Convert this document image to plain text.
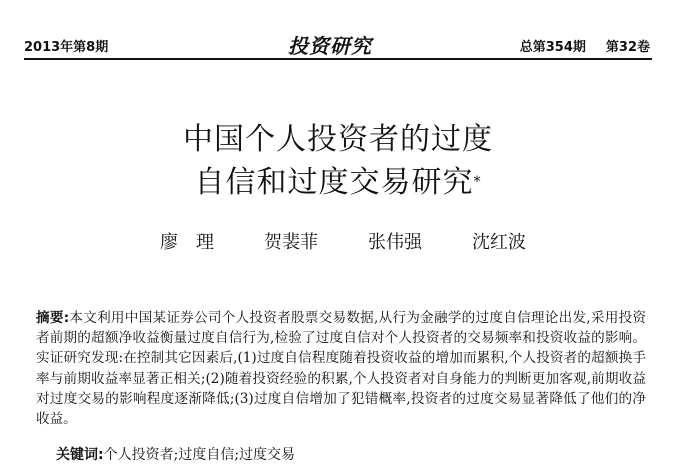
2013年第8期	投资研究	总第354期 第32卷
中国个人投资者的过度
自信和过度交易研究*
廖　理	贺裴菲	张伟强	沈红波
摘要:本文利用中国某证券公司个人投资者股票交易数据,从行为金融学的过度自信理论出发,采用投资者前期的超额净收益衡量过度自信行为,检验了过度自信对个人投资者的交易频率和投资收益的影响。实证研究发现:在控制其它因素后,(1)过度自信程度随着投资收益的增加而累积,个人投资者的超额换手率与前期收益率显著正相关;(2)随着投资经验的积累,个人投资者对自身能力的判断更加客观,前期收益对过度交易的影响程度逐渐降低;(3)过度自信增加了犯错概率,投资者的过度交易显著降低了他们的净收益。
关键词:个人投资者;过度自信;过度交易
